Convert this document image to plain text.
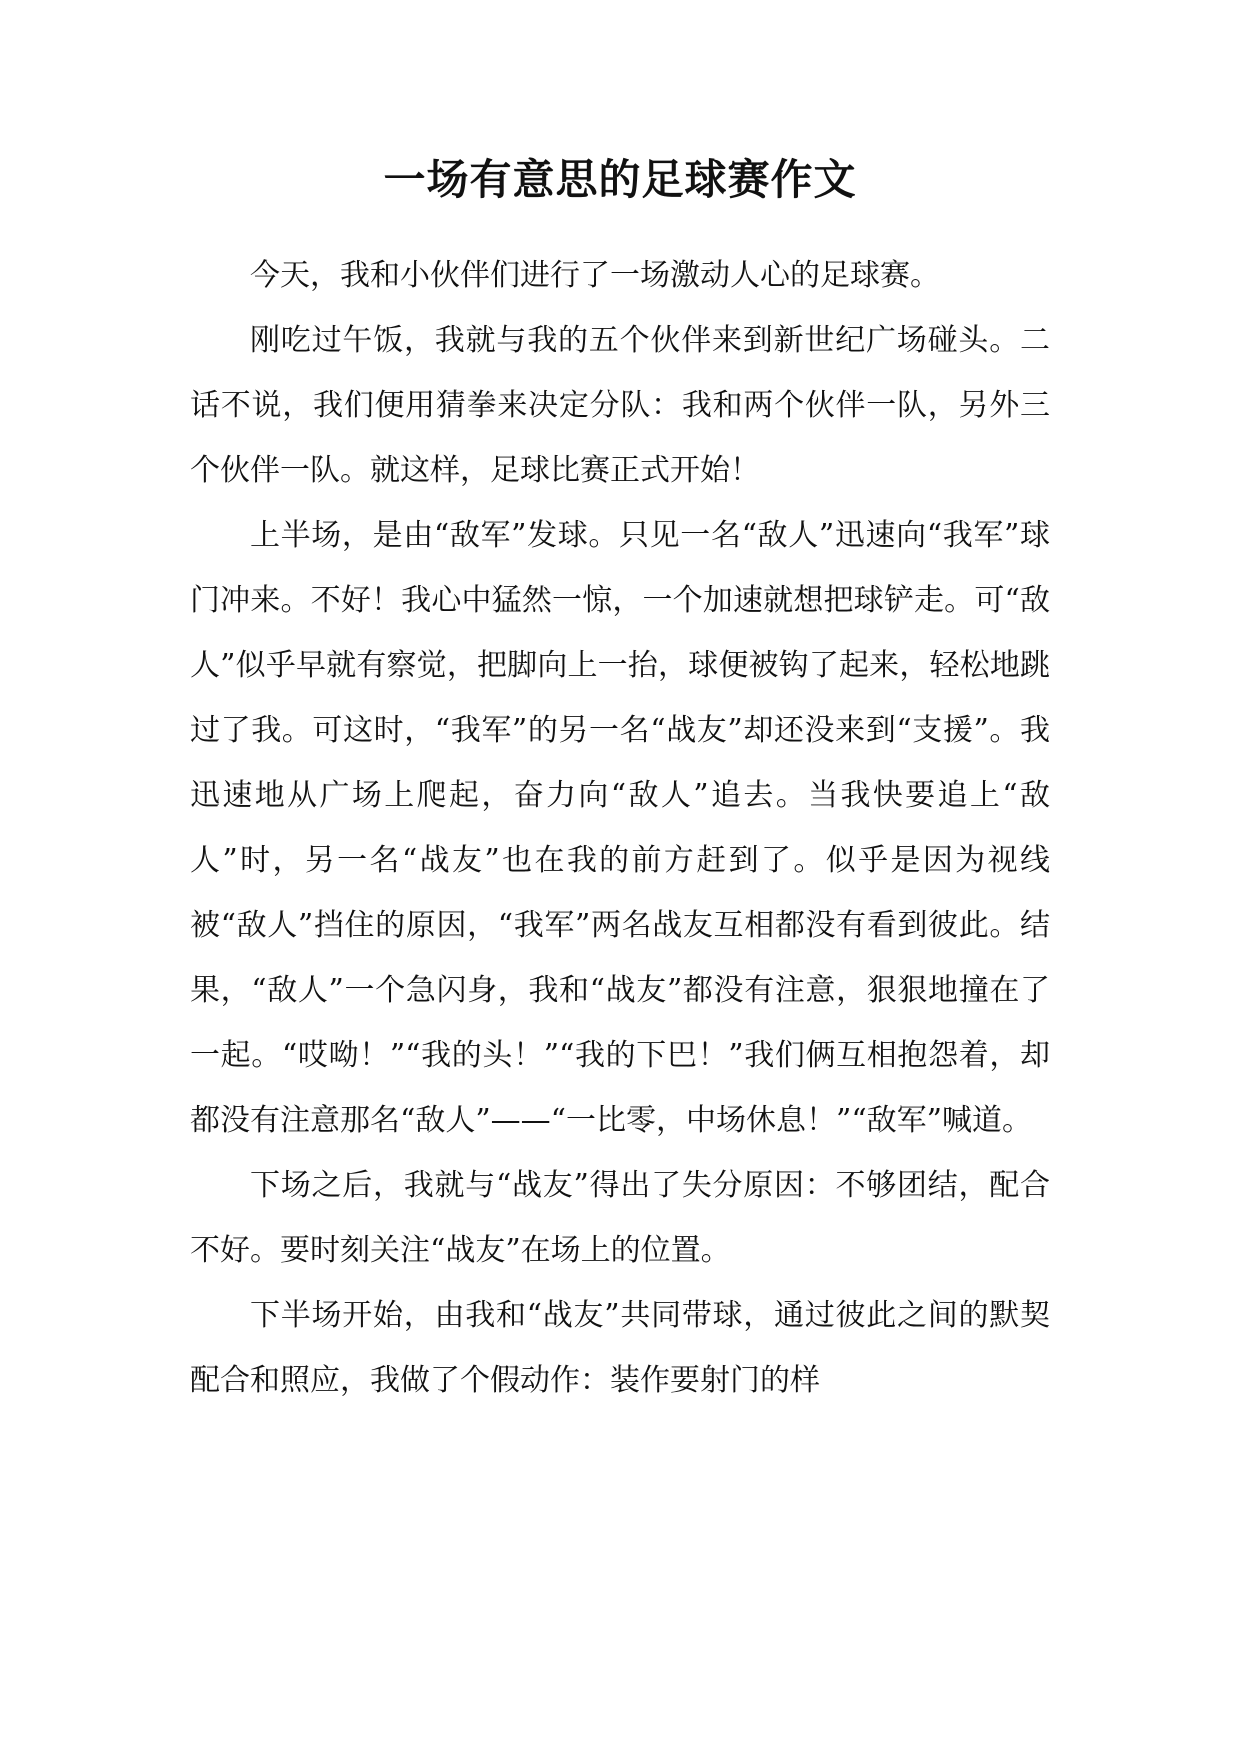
一场有意思的足球赛作文

今天，我和小伙伴们进行了一场激动人心的足球赛。

刚吃过午饭，我就与我的五个伙伴来到新世纪广场碰头。二话不说，我们便用猜拳来决定分队：我和两个伙伴一队，另外三个伙伴一队。就这样，足球比赛正式开始！

上半场，是由“敌军”发球。只见一名“敌人”迅速向“我军”球门冲来。不好！我心中猛然一惊，一个加速就想把球铲走。可“敌人”似乎早就有察觉，把脚向上一抬，球便被钩了起来，轻松地跳过了我。可这时，“我军”的另一名“战友”却还没来到“支援”。我迅速地从广场上爬起，奋力向“敌人”追去。当我快要追上“敌人”时，另一名“战友”也在我的前方赶到了。似乎是因为视线被“敌人”挡住的原因，“我军”两名战友互相都没有看到彼此。结果，“敌人”一个急闪身，我和“战友”都没有注意，狠狠地撞在了一起。“哎呦！”“我的头！”“我的下巴！”我们俩互相抱怨着，却都没有注意那名“敌人”——“一比零，中场休息！”“敌军”喊道。

下场之后，我就与“战友”得出了失分原因：不够团结，配合不好。要时刻关注“战友”在场上的位置。

下半场开始，由我和“战友”共同带球，通过彼此之间的默契配合和照应，我做了个假动作：装作要射门的样
